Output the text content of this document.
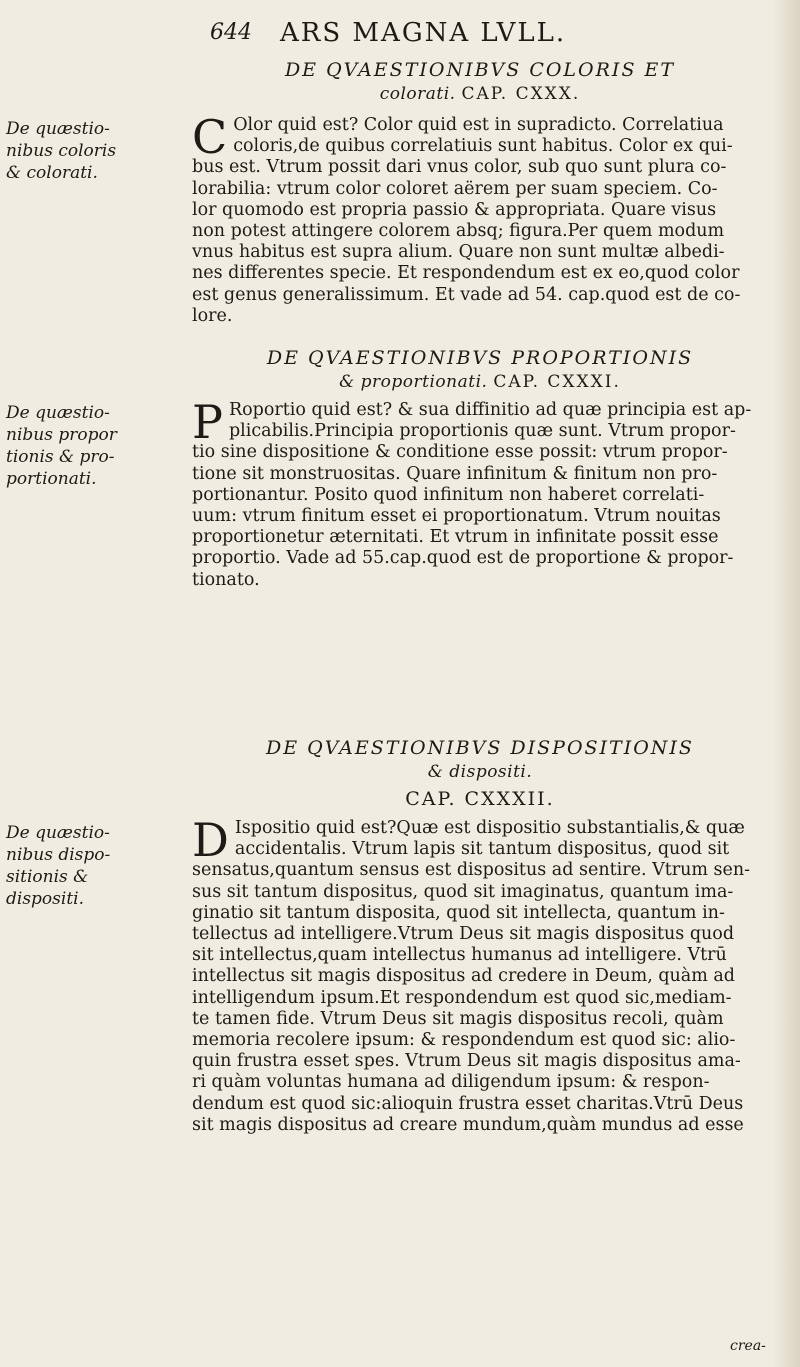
644 ARS MAGNA LVLL.
De quæstio-
nibus coloris
& colorati.
DE QVAESTIONIBVS COLORIS ET
colorati. CAP. CXXX.
C Olor quid est? Color quid est in supradicto. Correlatiua
coloris,de quibus correlatiuis sunt habitus. Color ex qui-
bus est. Vtrum possit dari vnus color, sub quo sunt plura co-
lorabilia: vtrum color coloret aërem per suam speciem. Co-
lor quomodo est propria passio & appropriata. Quare visus
non potest attingere colorem absq; figura.Per quem modum
vnus habitus est supra alium. Quare non sunt multæ albedi-
nes differentes specie. Et respondendum est ex eo,quod color
est genus generalissimum. Et vade ad 54. cap.quod est de co-
lore.
De quæstio-
nibus propor
tionis & pro-
portionati.
DE QVAESTIONIBVS PROPORTIONIS
& proportionati. CAP. CXXXI.
P Roportio quid est? & sua diffinitio ad quæ principia est ap-
plicabilis.Principia proportionis quæ sunt. Vtrum propor-
tio sine dispositione & conditione esse possit: vtrum propor-
tione sit monstruositas. Quare infinitum & finitum non pro-
portionantur. Posito quod infinitum non haberet correlati-
uum: vtrum finitum esset ei proportionatum. Vtrum nouitas
proportionetur æternitati. Et vtrum in infinitate possit esse
proportio. Vade ad 55.cap.quod est de proportione & propor-
tionato.
De quæstio-
nibus dispo-
sitionis &
dispositi.
DE QVAESTIONIBVS DISPOSITIONIS
& dispositi.
CAP. CXXXII.
D Ispositio quid est?Quæ est dispositio substantialis,& quæ
accidentalis. Vtrum lapis sit tantum dispositus, quod sit
sensatus,quantum sensus est dispositus ad sentire. Vtrum sen-
sus sit tantum dispositus, quod sit imaginatus, quantum ima-
ginatio sit tantum disposita, quod sit intellecta, quantum in-
tellectus ad intelligere.Vtrum Deus sit magis dispositus quod
sit intellectus,quam intellectus humanus ad intelligere. Vtrū
intellectus sit magis dispositus ad credere in Deum, quàm ad
intelligendum ipsum.Et respondendum est quod sic,mediam-
te tamen fide. Vtrum Deus sit magis dispositus recoli, quàm
memoria recolere ipsum: & respondendum est quod sic: alio-
quin frustra esset spes. Vtrum Deus sit magis dispositus ama-
ri quàm voluntas humana ad diligendum ipsum: & respon-
dendum est quod sic:alioquin frustra esset charitas.Vtrū Deus
sit magis dispositus ad creare mundum,quàm mundus ad esse
crea-
